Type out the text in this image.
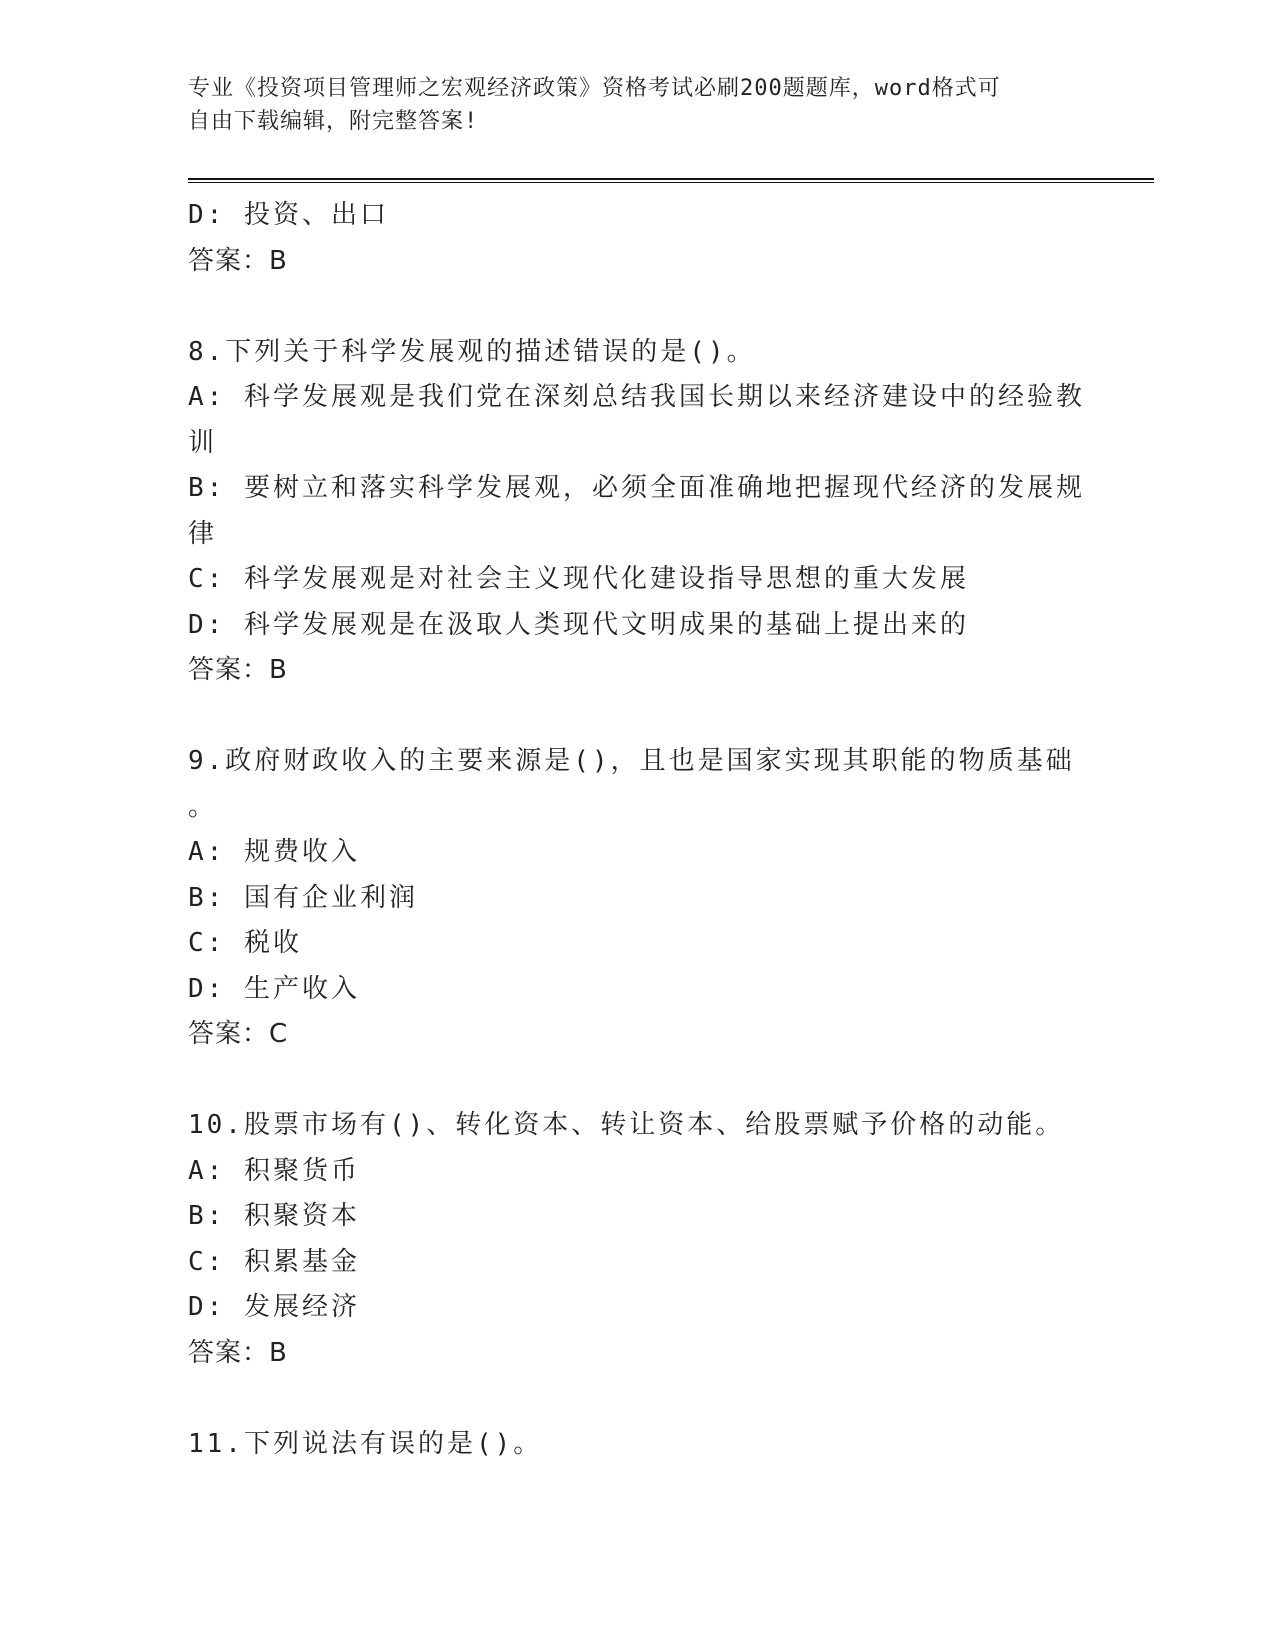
专业《投资项目管理师之宏观经济政策》资格考试必刷200题题库，word格式可
自由下载编辑，附完整答案!
D: 投资、出口
答案：B
8.下列关于科学发展观的描述错误的是()。
A: 科学发展观是我们党在深刻总结我国长期以来经济建设中的经验教
训
B: 要树立和落实科学发展观，必须全面准确地把握现代经济的发展规
律
C: 科学发展观是对社会主义现代化建设指导思想的重大发展
D: 科学发展观是在汲取人类现代文明成果的基础上提出来的
答案：B
9.政府财政收入的主要来源是()，且也是国家实现其职能的物质基础
。
A: 规费收入
B: 国有企业利润
C: 税收
D: 生产收入
答案：C
10.股票市场有()、转化资本、转让资本、给股票赋予价格的动能。
A: 积聚货币
B: 积聚资本
C: 积累基金
D: 发展经济
答案：B
11.下列说法有误的是()。
